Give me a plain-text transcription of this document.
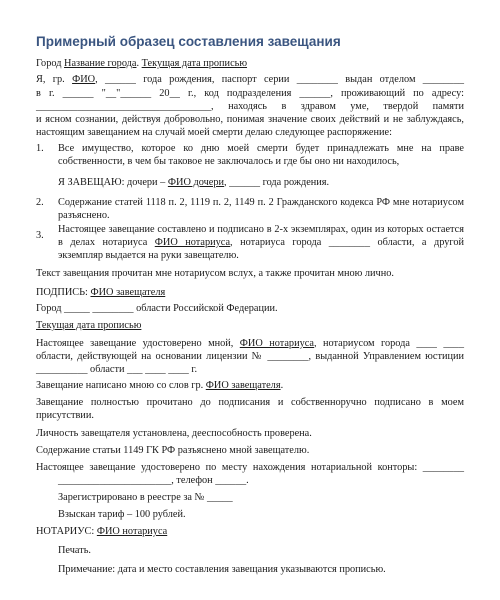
Примерный образец составления завещания
Город Название города. Текущая дата прописью
Я, гр. ФИО, ______ года рождения, паспорт серии ________ выдан отделом ________
в г. ______ "__"______ 20__ г., код подразделения ______, проживающий по адресу:
__________________________________, находясь в здравом уме, твердой памяти
и ясном сознании, действуя добровольно, понимая значение своих действий и не заблуждаясь,
настоящим завещанием на случай моей смерти делаю следующее распоряжение:
1. Все имущество, которое ко дню моей смерти будет принадлежать мне на праве
собственности, в чем бы таковое не заключалось и где бы оно ни находилось,
Я ЗАВЕЩАЮ: дочери – ФИО дочери, ______ года рождения.
2. Содержание статей 1118 п. 2, 1119 п. 2, 1149 п. 2 Гражданского кодекса РФ мне нотариусом
разъяснено.
3.
Настоящее завещание составлено и подписано в 2-х экземплярах, один из которых остается
в делах нотариуса ФИО нотариуса, нотариуса города ________ области, а другой
экземпляр выдается на руки завещателю.
Текст завещания прочитан мне нотариусом вслух, а также прочитан мною лично.
ПОДПИСЬ: ФИО завещателя
Город _____ ________ области Российской Федерации.
Текущая дата прописью
Настоящее завещание удостоверено мной, ФИО нотариуса, нотариусом города ____ ____
области, действующей на основании лицензии № ________, выданной Управлением юстиции
__________ области ___ ____ ____ г.
Завещание написано мною со слов гр. ФИО завещателя.
Завещание полностью прочитано до подписания и собственноручно подписано в моем
присутствии.
Личность завещателя установлена, дееспособность проверена.
Содержание статьи 1149 ГК РФ разъяснено мной завещателю.
Настоящее завещание удостоверено по месту нахождения нотариальной конторы: ________
______________________, телефон ______.
Зарегистрировано в реестре за № _____
Взыскан тариф – 100 рублей.
НОТАРИУС: ФИО нотариуса
Печать.
Примечание: дата и место составления завещания указываются прописью.
